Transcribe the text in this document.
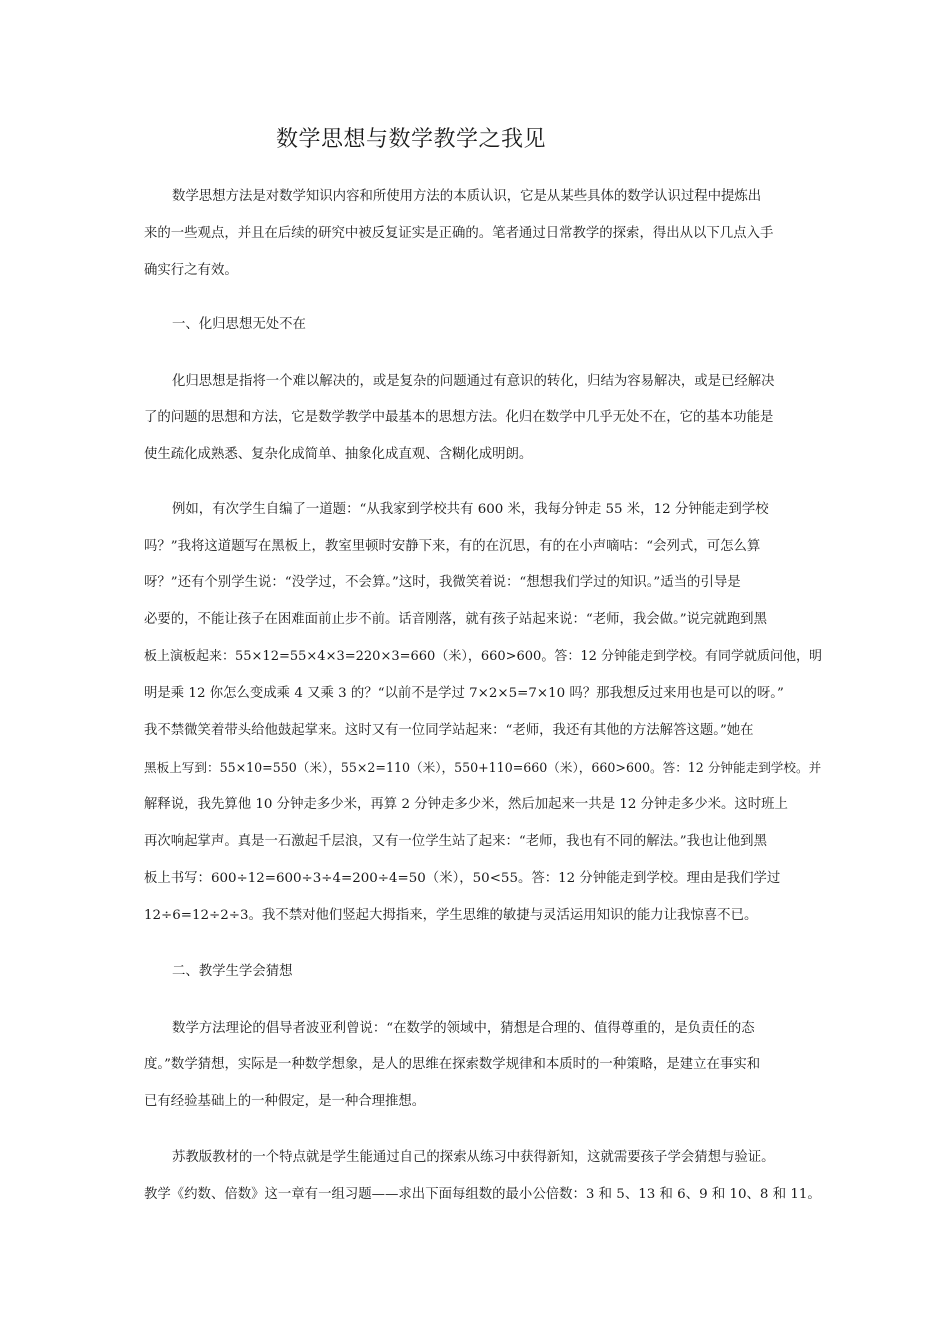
数学思想与数学教学之我见
数学思想方法是对数学知识内容和所使用方法的本质认识，它是从某些具体的数学认识过程中提炼出
来的一些观点，并且在后续的研究中被反复证实是正确的。笔者通过日常教学的探索，得出从以下几点入手
确实行之有效。
一、化归思想无处不在
化归思想是指将一个难以解决的，或是复杂的问题通过有意识的转化，归结为容易解决，或是已经解决
了的问题的思想和方法，它是数学教学中最基本的思想方法。化归在数学中几乎无处不在，它的基本功能是
使生疏化成熟悉、复杂化成简单、抽象化成直观、含糊化成明朗。
例如，有次学生自编了一道题：“从我家到学校共有 600 米，我每分钟走 55 米，12 分钟能走到学校
吗？”我将这道题写在黑板上，教室里顿时安静下来，有的在沉思，有的在小声嘀咕：“会列式，可怎么算
呀？”还有个别学生说：“没学过，不会算。”这时，我微笑着说：“想想我们学过的知识。”适当的引导是
必要的，不能让孩子在困难面前止步不前。话音刚落，就有孩子站起来说：“老师，我会做。”说完就跑到黑
板上演板起来：55×12=55×4×3=220×3=660（米），660>600。答：12 分钟能走到学校。有同学就质问他，明
明是乘 12 你怎么变成乘 4 又乘 3 的？“以前不是学过 7×2×5=7×10 吗？那我想反过来用也是可以的呀。”
我不禁微笑着带头给他鼓起掌来。这时又有一位同学站起来：“老师，我还有其他的方法解答这题。”她在
黑板上写到：55×10=550（米），55×2=110（米），550+110=660（米），660>600。答：12 分钟能走到学校。并
解释说，我先算他 10 分钟走多少米，再算 2 分钟走多少米，然后加起来一共是 12 分钟走多少米。这时班上
再次响起掌声。真是一石激起千层浪，又有一位学生站了起来：“老师，我也有不同的解法。”我也让他到黑
板上书写：600÷12=600÷3÷4=200÷4=50（米），50<55。答：12 分钟能走到学校。理由是我们学过
12÷6=12÷2÷3。我不禁对他们竖起大拇指来，学生思维的敏捷与灵活运用知识的能力让我惊喜不已。
二、教学生学会猜想
数学方法理论的倡导者波亚利曾说：“在数学的领域中，猜想是合理的、值得尊重的，是负责任的态
度。”数学猜想，实际是一种数学想象，是人的思维在探索数学规律和本质时的一种策略，是建立在事实和
已有经验基础上的一种假定，是一种合理推想。
苏教版教材的一个特点就是学生能通过自己的探索从练习中获得新知，这就需要孩子学会猜想与验证。
教学《约数、倍数》这一章有一组习题——求出下面每组数的最小公倍数：3 和 5、13 和 6、9 和 10、8 和 11。
